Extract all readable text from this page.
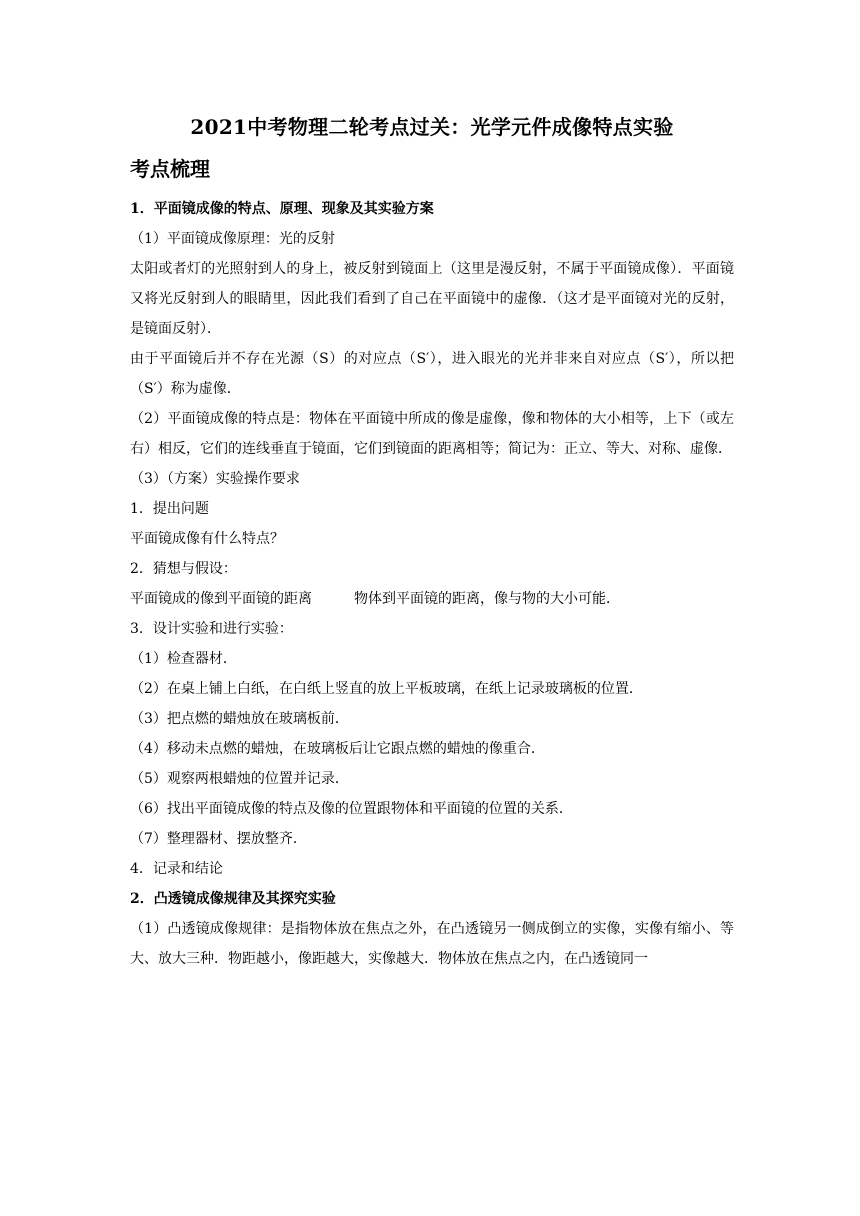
2021中考物理二轮考点过关：光学元件成像特点实验
考点梳理
1．平面镜成像的特点、原理、现象及其实验方案
（1）平面镜成像原理：光的反射
太阳或者灯的光照射到人的身上，被反射到镜面上（这里是漫反射，不属于平面镜成像）．平面镜又将光反射到人的眼睛里，因此我们看到了自己在平面镜中的虚像．（这才是平面镜对光的反射，是镜面反射）．
由于平面镜后并不存在光源（S）的对应点（S′），进入眼光的光并非来自对应点（S′），所以把（S′）称为虚像．
（2）平面镜成像的特点是：物体在平面镜中所成的像是虚像，像和物体的大小相等，上下（或左右）相反，它们的连线垂直于镜面，它们到镜面的距离相等；简记为：正立、等大、对称、虚像．
（3）（方案）实验操作要求
1．提出问题
平面镜成像有什么特点？
2．猜想与假设：
平面镜成的像到平面镜的距离	物体到平面镜的距离，像与物的大小可能．
3．设计实验和进行实验：
（1）检查器材．
（2）在桌上铺上白纸，在白纸上竖直的放上平板玻璃，在纸上记录玻璃板的位置．
（3）把点燃的蜡烛放在玻璃板前．
（4）移动未点燃的蜡烛，在玻璃板后让它跟点燃的蜡烛的像重合．
（5）观察两根蜡烛的位置并记录．
（6）找出平面镜成像的特点及像的位置跟物体和平面镜的位置的关系．
（7）整理器材、摆放整齐．
4．记录和结论
2．凸透镜成像规律及其探究实验
（1）凸透镜成像规律：是指物体放在焦点之外，在凸透镜另一侧成倒立的实像，实像有缩小、等大、放大三种．物距越小，像距越大，实像越大．物体放在焦点之内，在凸透镜同一
